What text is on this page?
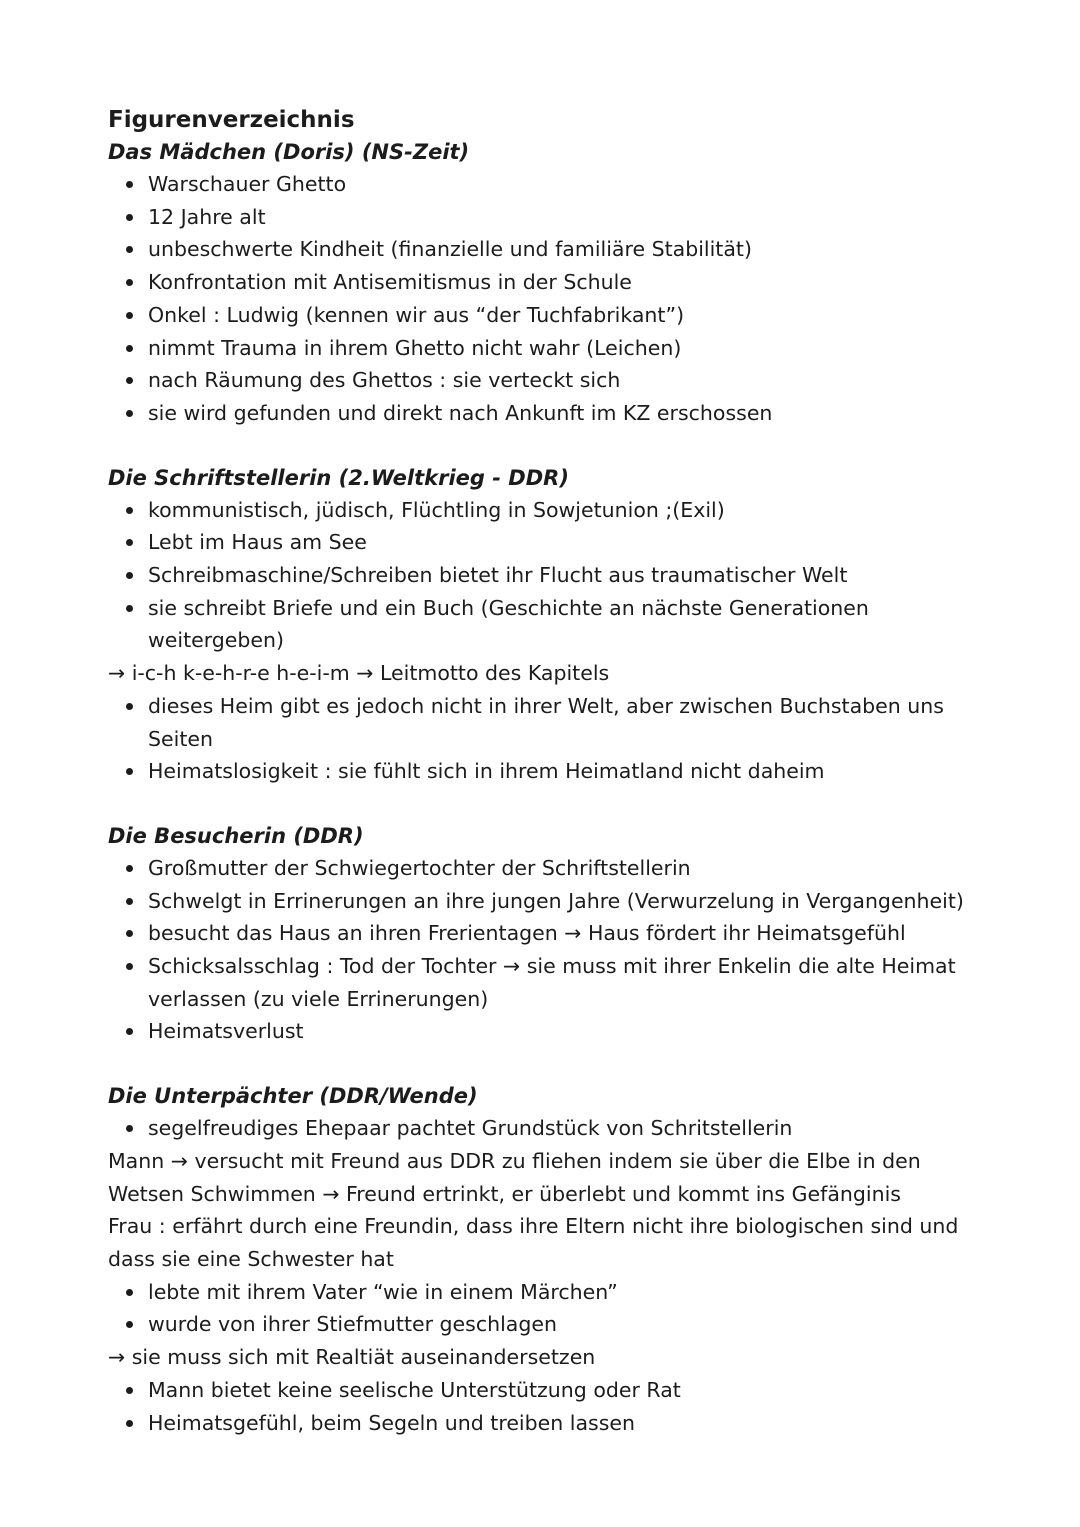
Figurenverzeichnis
Das Mädchen (Doris) (NS-Zeit)

Warschauer Ghetto

12 Jahre alt

unbeschwerte Kindheit (finanzielle und familiäre Stabilität)

Konfrontation mit Antisemitismus in der Schule

Onkel : Ludwig (kennen wir aus “der Tuchfabrikant”)

nimmt Trauma in ihrem Ghetto nicht wahr (Leichen)

nach Räumung des Ghettos : sie verteckt sich

sie wird gefunden und direkt nach Ankunft im KZ erschossen

Die Schriftstellerin (2.Weltkrieg - DDR)

kommunistisch, jüdisch, Flüchtling in Sowjetunion ;(Exil)

Lebt im Haus am See

Schreibmaschine/Schreiben bietet ihr Flucht aus traumatischer Welt

sie schreibt Briefe und ein Buch (Geschichte an nächste Generationen weitergeben)

→ i-c-h k-e-h-r-e h-e-i-m → Leitmotto des Kapitels

dieses Heim gibt es jedoch nicht in ihrer Welt, aber zwischen Buchstaben uns Seiten

Heimatslosigkeit : sie fühlt sich in ihrem Heimatland nicht daheim

Die Besucherin (DDR)

Großmutter der Schwiegertochter der Schriftstellerin

Schwelgt in Errinerungen an ihre jungen Jahre (Verwurzelung in Vergangenheit)

besucht das Haus an ihren Frerientagen → Haus fördert ihr Heimatsgefühl

Schicksalsschlag : Tod der Tochter → sie muss mit ihrer Enkelin die alte Heimat verlassen (zu viele Errinerungen)

Heimatsverlust

Die Unterpächter (DDR/Wende)

segelfreudiges Ehepaar pachtet Grundstück von Schritstellerin

Mann → versucht mit Freund aus DDR zu fliehen indem sie über die Elbe in den Wetsen Schwimmen → Freund ertrinkt, er überlebt und kommt ins Gefänginis

Frau : erfährt durch eine Freundin, dass ihre Eltern nicht ihre biologischen sind und dass sie eine Schwester hat

lebte mit ihrem Vater “wie in einem Märchen”

wurde von ihrer Stiefmutter geschlagen

→ sie muss sich mit Realtiät auseinandersetzen

Mann bietet keine seelische Unterstützung oder Rat

Heimatsgefühl, beim Segeln und treiben lassen
